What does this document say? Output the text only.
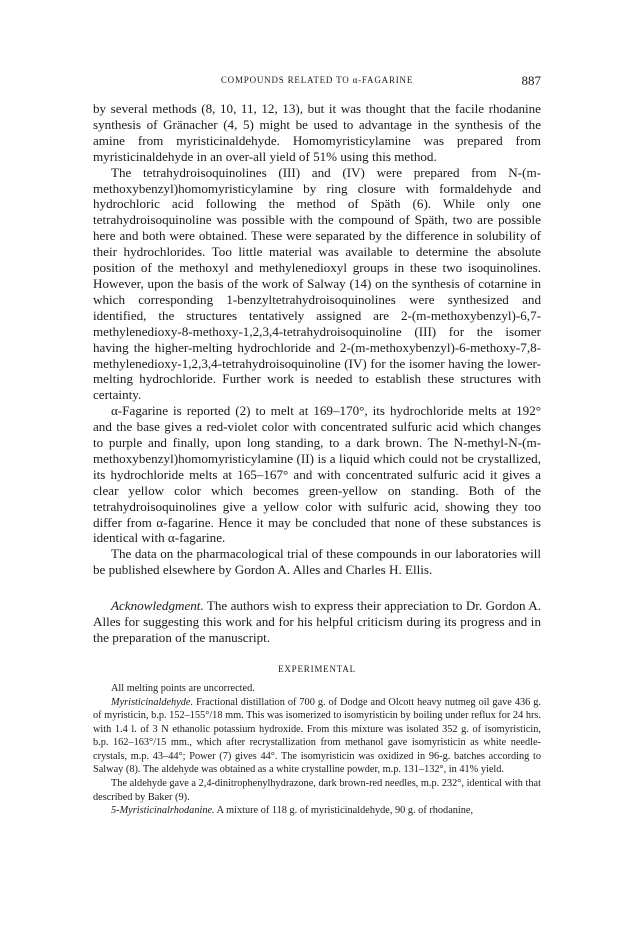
COMPOUNDS RELATED TO α-FAGARINE	887

by several methods (8, 10, 11, 12, 13), but it was thought that the facile rhodanine synthesis of Gränacher (4, 5) might be used to advantage in the synthesis of the amine from myristicinaldehyde. Homomyristicylamine was prepared from myristicinaldehyde in an over-all yield of 51% using this method.

The tetrahydroisoquinolines (III) and (IV) were prepared from N-(m-methoxybenzyl)homomyristicylamine by ring closure with formaldehyde and hydrochloric acid following the method of Späth (6). While only one tetrahydroisoquinoline was possible with the compound of Späth, two are possible here and both were obtained. These were separated by the difference in solubility of their hydrochlorides. Too little material was available to determine the absolute position of the methoxyl and methylenedioxyl groups in these two isoquinolines. However, upon the basis of the work of Salway (14) on the synthesis of cotarnine in which corresponding 1-benzyltetrahydroisoquinolines were synthesized and identified, the structures tentatively assigned are 2-(m-methoxybenzyl)-6,7-methylenedioxy-8-methoxy-1,2,3,4-tetrahydroisoquinoline (III) for the isomer having the higher-melting hydrochloride and 2-(m-methoxybenzyl)-6-methoxy-7,8-methylenedioxy-1,2,3,4-tetrahydroisoquinoline (IV) for the isomer having the lower-melting hydrochloride. Further work is needed to establish these structures with certainty.

α-Fagarine is reported (2) to melt at 169–170°, its hydrochloride melts at 192° and the base gives a red-violet color with concentrated sulfuric acid which changes to purple and finally, upon long standing, to a dark brown. The N-methyl-N-(m-methoxybenzyl)homomyristicylamine (II) is a liquid which could not be crystallized, its hydrochloride melts at 165–167° and with concentrated sulfuric acid it gives a clear yellow color which becomes green-yellow on standing. Both of the tetrahydroisoquinolines give a yellow color with sulfuric acid, showing they too differ from α-fagarine. Hence it may be concluded that none of these substances is identical with α-fagarine.

The data on the pharmacological trial of these compounds in our laboratories will be published elsewhere by Gordon A. Alles and Charles H. Ellis.

Acknowledgment. The authors wish to express their appreciation to Dr. Gordon A. Alles for suggesting this work and for his helpful criticism during its progress and in the preparation of the manuscript.

EXPERIMENTAL

All melting points are uncorrected.

Myristicinaldehyde. Fractional distillation of 700 g. of Dodge and Olcott heavy nutmeg oil gave 436 g. of myristicin, b.p. 152–155°/18 mm. This was isomerized to isomyristicin by boiling under reflux for 24 hrs. with 1.4 l. of 3 N ethanolic potassium hydroxide. From this mixture was isolated 352 g. of isomyristicin, b.p. 162–163°/15 mm., which after recrystallization from methanol gave isomyristicin as white needle-crystals, m.p. 43–44°; Power (7) gives 44°. The isomyristicin was oxidized in 96-g. batches according to Salway (8). The aldehyde was obtained as a white crystalline powder, m.p. 131–132°, in 41% yield.

The aldehyde gave a 2,4-dinitrophenylhydrazone, dark brown-red needles, m.p. 232°, identical with that described by Baker (9).

5-Myristicinalrhodanine. A mixture of 118 g. of myristicinaldehyde, 90 g. of rhodanine,
